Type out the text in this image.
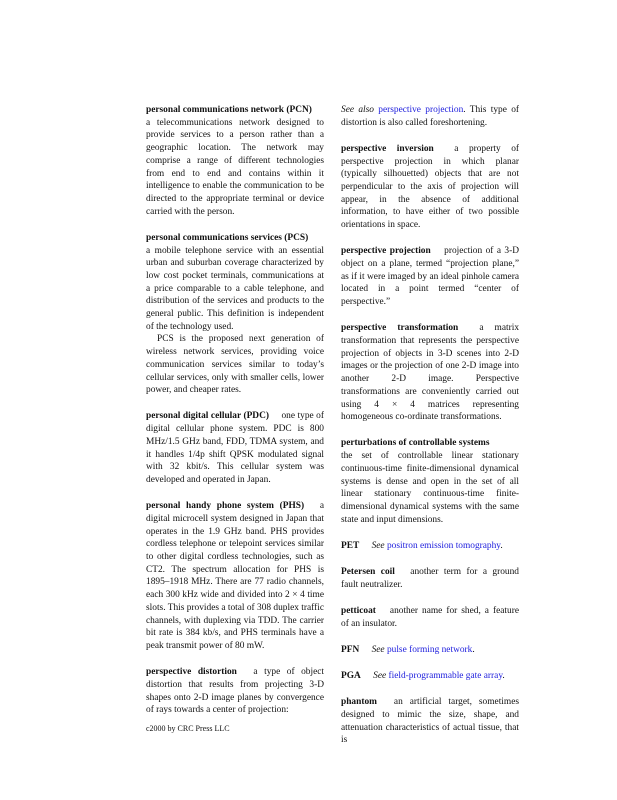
personal communications network (PCN)
a telecommunications network designed to provide services to a person rather than a geographic location. The network may comprise a range of different technologies from end to end and contains within it intelligence to enable the communication to be directed to the appropriate terminal or device carried with the person.
personal communications services (PCS)
a mobile telephone service with an essential urban and suburban coverage characterized by low cost pocket terminals, communications at a price comparable to a cable telephone, and distribution of the services and products to the general public. This definition is independent of the technology used.
PCS is the proposed next generation of wireless network services, providing voice communication services similar to today’s cellular services, only with smaller cells, lower power, and cheaper rates.
personal digital cellular (PDC) one type of digital cellular phone system. PDC is 800 MHz/1.5 GHz band, FDD, TDMA system, and it handles 1/4p shift QPSK modulated signal with 32 kbit/s. This cellular system was developed and operated in Japan.
personal handy phone system (PHS) a digital microcell system designed in Japan that operates in the 1.9 GHz band. PHS provides cordless telephone or telepoint services similar to other digital cordless technologies, such as CT2. The spectrum allocation for PHS is 1895–1918 MHz. There are 77 radio channels, each 300 kHz wide and divided into 2 × 4 time slots. This provides a total of 308 duplex traffic channels, with duplexing via TDD. The carrier bit rate is 384 kb/s, and PHS terminals have a peak transmit power of 80 mW.
perspective distortion a type of object distortion that results from projecting 3-D shapes onto 2-D image planes by convergence of rays towards a center of projection:
See also perspective projection. This type of distortion is also called foreshortening.
perspective inversion a property of perspective projection in which planar (typically silhouetted) objects that are not perpendicular to the axis of projection will appear, in the absence of additional information, to have either of two possible orientations in space.
perspective projection projection of a 3-D object on a plane, termed “projection plane,” as if it were imaged by an ideal pinhole camera located in a point termed “center of perspective.”
perspective transformation a matrix transformation that represents the perspective projection of objects in 3-D scenes into 2-D images or the projection of one 2-D image into another 2-D image. Perspective transformations are conveniently carried out using 4 × 4 matrices representing homogeneous co-ordinate transformations.
perturbations of controllable systems
the set of controllable linear stationary continuous-time finite-dimensional dynamical systems is dense and open in the set of all linear stationary continuous-time finite-dimensional dynamical systems with the same state and input dimensions.
PET See positron emission tomography.
Petersen coil another term for a ground fault neutralizer.
petticoat another name for shed, a feature of an insulator.
PFN See pulse forming network.
PGA See field-programmable gate array.
phantom an artificial target, sometimes designed to mimic the size, shape, and attenuation characteristics of actual tissue, that is
c2000 by CRC Press LLC
